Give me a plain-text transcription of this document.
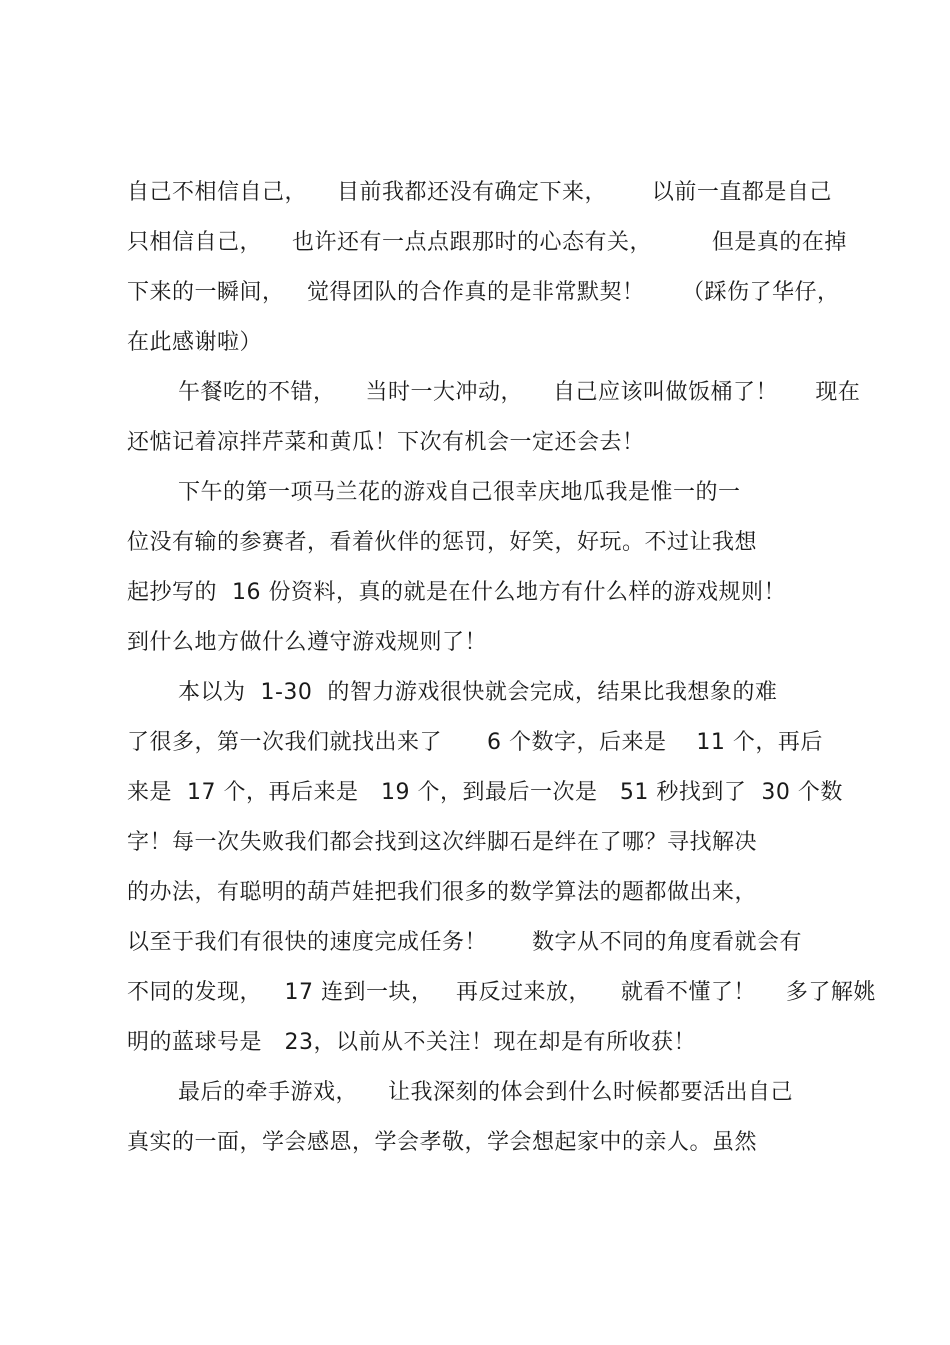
自己不相信自己，    目前我都还没有确定下来，      以前一直都是自己
只相信自己，    也许还有一点点跟那时的心态有关，        但是真的在掉
下来的一瞬间，   觉得团队的合作真的是非常默契！     （踩伤了华仔，
在此感谢啦）
午餐吃的不错，    当时一大冲动，    自己应该叫做饭桶了！     现在
还惦记着凉拌芹菜和黄瓜！下次有机会一定还会去！
下午的第一项马兰花的游戏自己很幸庆地瓜我是惟一的一
位没有输的参赛者，看着伙伴的惩罚，好笑，好玩。不过让我想
起抄写的  16 份资料，真的就是在什么地方有什么样的游戏规则！
到什么地方做什么遵守游戏规则了！
本以为  1-30  的智力游戏很快就会完成，结果比我想象的难
了很多，第一次我们就找出来了      6 个数字，后来是    11 个，再后
来是  17 个，再后来是   19 个，到最后一次是   51 秒找到了  30 个数
字！每一次失败我们都会找到这次绊脚石是绊在了哪？寻找解决
的办法，有聪明的葫芦娃把我们很多的数学算法的题都做出来，
以至于我们有很快的速度完成任务！      数字从不同的角度看就会有
不同的发现，   17 连到一块，   再反过来放，    就看不懂了！    多了解姚
明的蓝球号是   23，以前从不关注！现在却是有所收获！
最后的牵手游戏，    让我深刻的体会到什么时候都要活出自己
真实的一面，学会感恩，学会孝敬，学会想起家中的亲人。虽然
